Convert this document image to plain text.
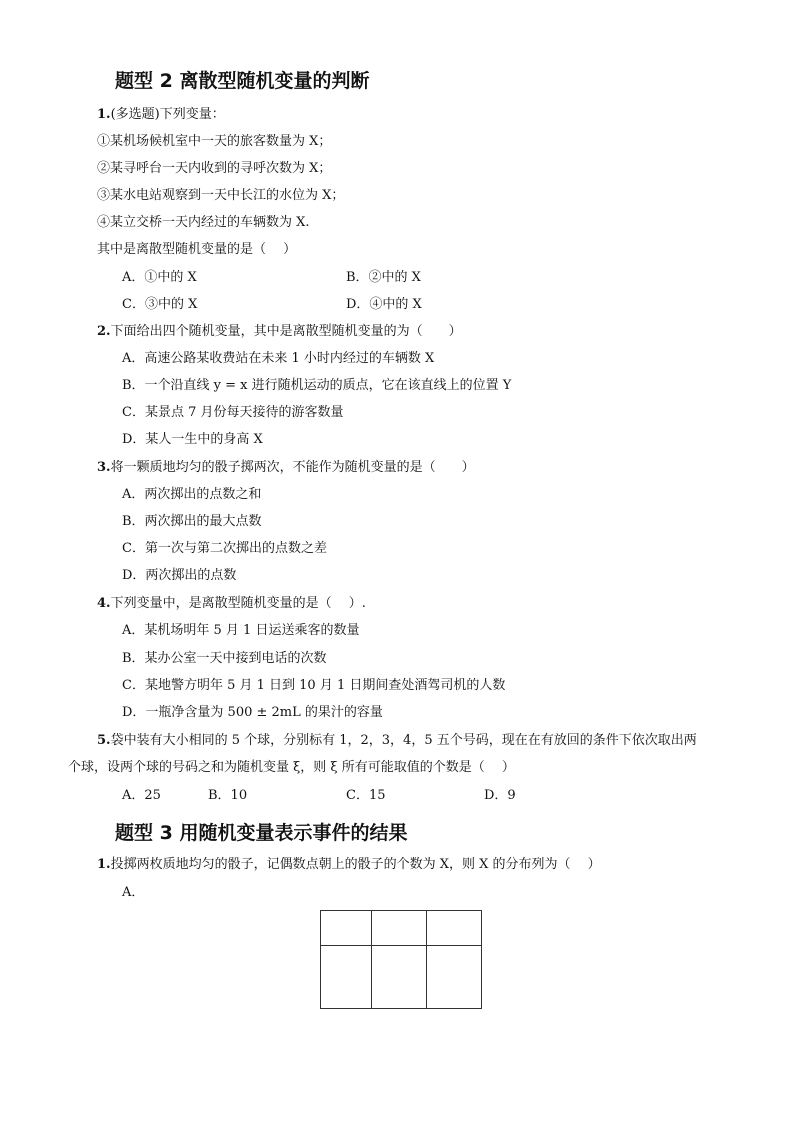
题型 2 离散型随机变量的判断
1.(多选题)下列变量：
①某机场候机室中一天的旅客数量为 X；
②某寻呼台一天内收到的寻呼次数为 X；
③某水电站观察到一天中长江的水位为 X；
④某立交桥一天内经过的车辆数为 X.
其中是离散型随机变量的是（　 ）
A．①中的 X	B．②中的 X
C．③中的 X	D．④中的 X
2.下面给出四个随机变量，其中是离散型随机变量的为（　　）
A．高速公路某收费站在未来 1 小时内经过的车辆数 X
B．一个沿直线 y = x 进行随机运动的质点，它在该直线上的位置 Y
C．某景点 7 月份每天接待的游客数量
D．某人一生中的身高 X
3.将一颗质地均匀的骰子掷两次，不能作为随机变量的是（　　）
A．两次掷出的点数之和
B．两次掷出的最大点数
C．第一次与第二次掷出的点数之差
D．两次掷出的点数
4.下列变量中，是离散型随机变量的是（　 ）.
A．某机场明年 5 月 1 日运送乘客的数量
B．某办公室一天中接到电话的次数
C．某地警方明年 5 月 1 日到 10 月 1 日期间查处酒驾司机的人数
D．一瓶净含量为 500 ± 2mL 的果汁的容量
5.袋中装有大小相同的 5 个球，分别标有 1，2，3，4，5 五个号码，现在在有放回的条件下依次取出两
个球，设两个球的号码之和为随机变量 ξ，则 ξ 所有可能取值的个数是（　 ）
A．25	B．10	C．15	D．9
题型 3 用随机变量表示事件的结果
1.投掷两枚质地均匀的骰子，记偶数点朝上的骰子的个数为 X，则 X 的分布列为（　 ）
A．
